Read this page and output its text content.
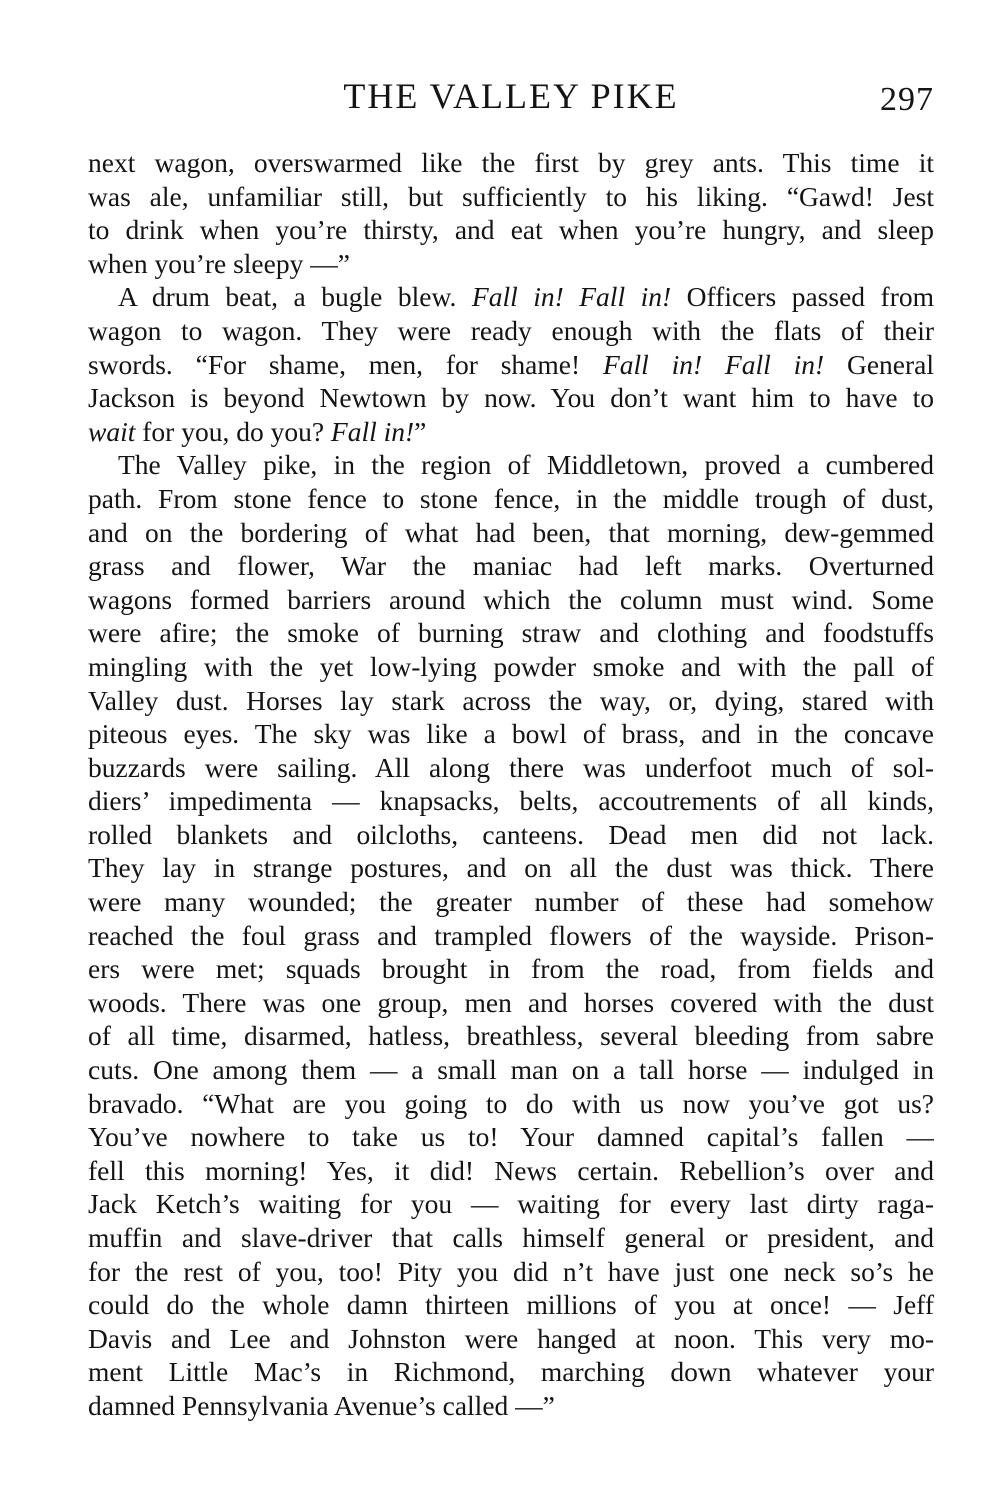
THE VALLEY PIKE	297
next wagon, overswarmed like the first by grey ants. This time it
was ale, unfamiliar still, but sufficiently to his liking. “Gawd! Jest
to drink when you’re thirsty, and eat when you’re hungry, and sleep
when you’re sleepy —”
A drum beat, a bugle blew. Fall in! Fall in! Officers passed from
wagon to wagon. They were ready enough with the flats of their
swords. “For shame, men, for shame! Fall in! Fall in! General
Jackson is beyond Newtown by now. You don’t want him to have to
wait for you, do you? Fall in!”
The Valley pike, in the region of Middletown, proved a cumbered
path. From stone fence to stone fence, in the middle trough of dust,
and on the bordering of what had been, that morning, dew-gemmed
grass and flower, War the maniac had left marks. Overturned
wagons formed barriers around which the column must wind. Some
were afire; the smoke of burning straw and clothing and foodstuffs
mingling with the yet low-lying powder smoke and with the pall of
Valley dust. Horses lay stark across the way, or, dying, stared with
piteous eyes. The sky was like a bowl of brass, and in the concave
buzzards were sailing. All along there was underfoot much of sol-
diers’ impedimenta — knapsacks, belts, accoutrements of all kinds,
rolled blankets and oilcloths, canteens. Dead men did not lack.
They lay in strange postures, and on all the dust was thick. There
were many wounded; the greater number of these had somehow
reached the foul grass and trampled flowers of the wayside. Prison-
ers were met; squads brought in from the road, from fields and
woods. There was one group, men and horses covered with the dust
of all time, disarmed, hatless, breathless, several bleeding from sabre
cuts. One among them — a small man on a tall horse — indulged in
bravado. “What are you going to do with us now you’ve got us?
You’ve nowhere to take us to! Your damned capital’s fallen —
fell this morning! Yes, it did! News certain. Rebellion’s over and
Jack Ketch’s waiting for you — waiting for every last dirty raga-
muffin and slave-driver that calls himself general or president, and
for the rest of you, too! Pity you did n’t have just one neck so’s he
could do the whole damn thirteen millions of you at once! — Jeff
Davis and Lee and Johnston were hanged at noon. This very mo-
ment Little Mac’s in Richmond, marching down whatever your
damned Pennsylvania Avenue’s called —”
